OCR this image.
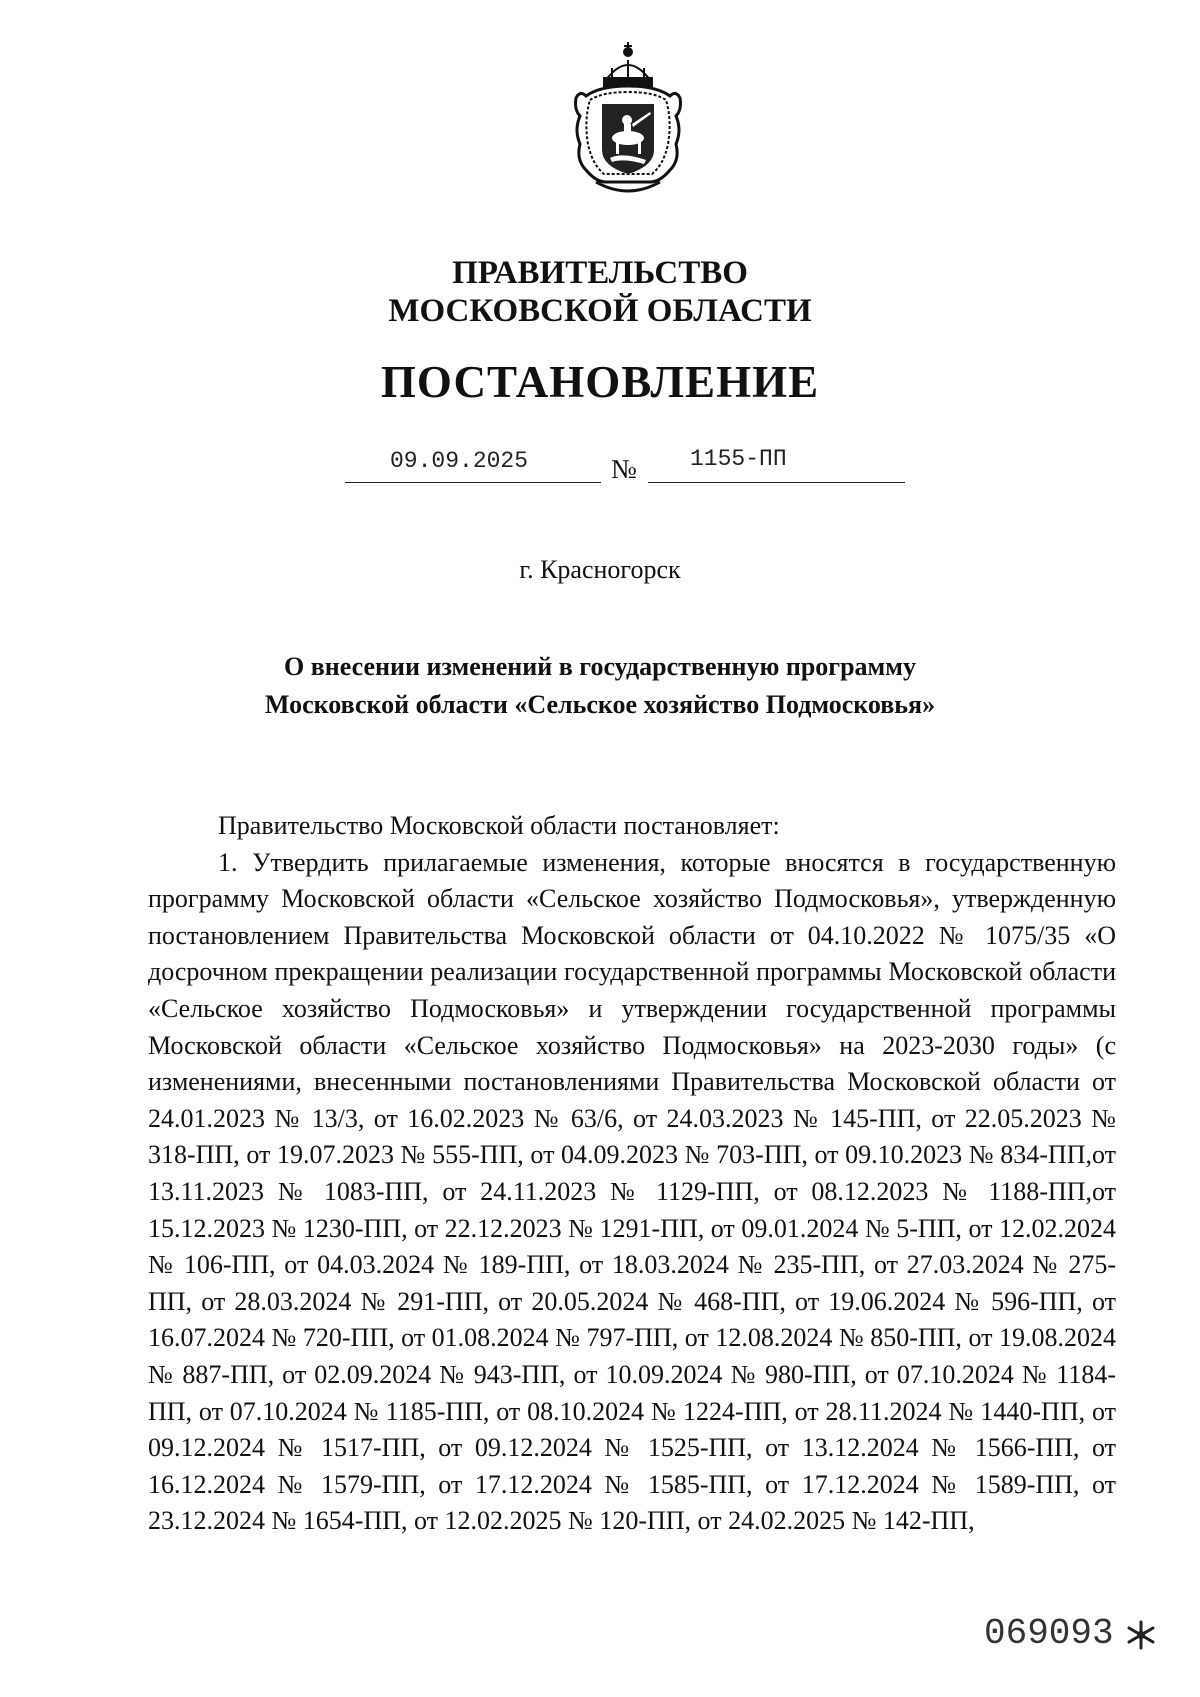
ПРАВИТЕЛЬСТВО
МОСКОВСКОЙ ОБЛАСТИ
ПОСТАНОВЛЕНИЕ
09.09.2025	№ 1155-ПП
г. Красногорск
О внесении изменений в государственную программу
Московской области «Сельское хозяйство Подмосковья»

Правительство Московской области постановляет:

1. Утвердить прилагаемые изменения, которые вносятся в государственную программу Московской области «Сельское хозяйство Подмосковья», утвержденную постановлением Правительства Московской области от 04.10.2022 № 1075/35 «О досрочном прекращении реализации государственной программы Московской области «Сельское хозяйство Подмосковья» и утверждении государственной программы Московской области «Сельское хозяйство Подмосковья» на 2023-2030 годы» (с изменениями, внесенными постановлениями Правительства Московской области от 24.01.2023 № 13/3, от 16.02.2023 № 63/6, от 24.03.2023 № 145-ПП, от 22.05.2023 № 318-ПП, от 19.07.2023 № 555-ПП, от 04.09.2023 № 703-ПП, от 09.10.2023 № 834-ПП,от 13.11.2023 № 1083-ПП, от 24.11.2023 № 1129-ПП, от 08.12.2023 № 1188-ПП,от 15.12.2023 № 1230-ПП, от 22.12.2023 № 1291-ПП, от 09.01.2024 № 5-ПП, от 12.02.2024 № 106-ПП, от 04.03.2024 № 189-ПП, от 18.03.2024 № 235-ПП, от 27.03.2024 № 275-ПП, от 28.03.2024 № 291-ПП, от 20.05.2024 № 468-ПП, от 19.06.2024 № 596-ПП, от 16.07.2024 № 720-ПП, от 01.08.2024 № 797-ПП, от 12.08.2024 № 850-ПП, от 19.08.2024 № 887-ПП, от 02.09.2024 № 943-ПП, от 10.09.2024 № 980-ПП, от 07.10.2024 № 1184-ПП, от 07.10.2024 № 1185-ПП, от 08.10.2024 № 1224-ПП, от 28.11.2024 № 1440-ПП, от 09.12.2024 № 1517-ПП, от 09.12.2024 № 1525-ПП, от 13.12.2024 № 1566-ПП, от 16.12.2024 № 1579-ПП, от 17.12.2024 № 1585-ПП, от 17.12.2024 № 1589-ПП, от 23.12.2024 № 1654-ПП, от 12.02.2025 № 120-ПП, от 24.02.2025 № 142-ПП,

069093
